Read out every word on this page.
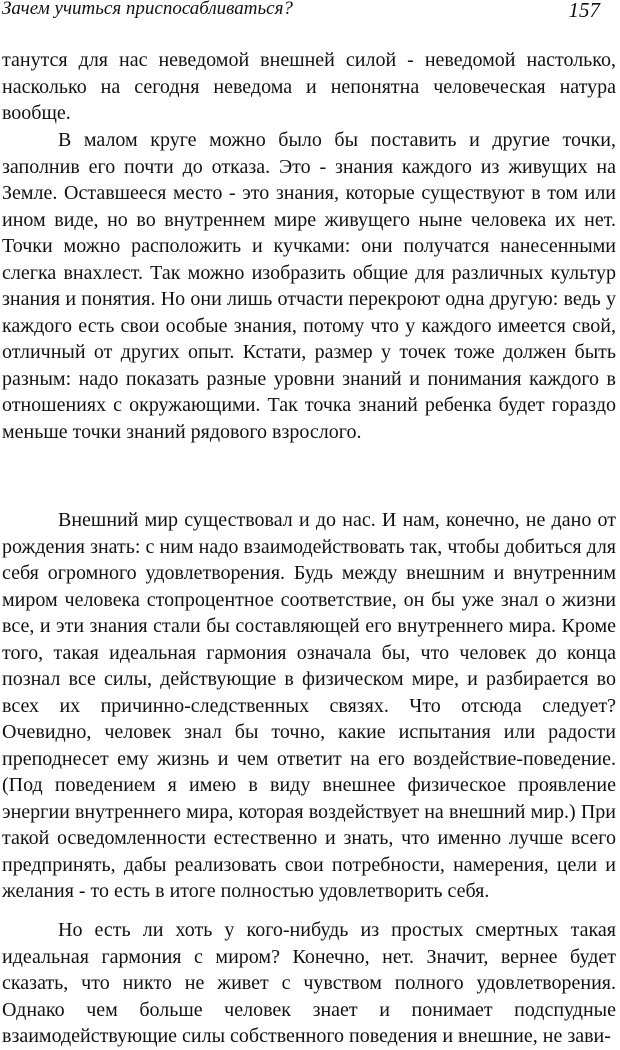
Зачем учиться приспосабливаться?	157

танутся для нас неведомой внешней силой - неведомой настолько, насколько на сегодня неведома и непонятна человеческая натура вообще.

В малом круге можно было бы поставить и другие точки, заполнив его почти до отказа. Это - знания каждого из живущих на Земле. Оставшееся место - это знания, которые существуют в том или ином виде, но во внутреннем мире живущего ныне человека их нет. Точки можно расположить и кучками: они получатся нанесенными слегка внахлест. Так можно изобразить общие для различных культур знания и понятия. Но они лишь отчасти перекроют одна другую: ведь у каждого есть свои особые знания, потому что у каждого имеется свой, отличный от других опыт. Кстати, размер у точек тоже должен быть разным: надо показать разные уровни знаний и понимания каждого в отношениях с окружающими. Так точка знаний ребенка будет гораздо меньше точки знаний рядового взрослого.

Внешний мир существовал и до нас. И нам, конечно, не дано от рождения знать: с ним надо взаимодействовать так, чтобы добиться для себя огромного удовлетворения. Будь между внешним и внутренним миром человека стопроцентное соответствие, он бы уже знал о жизни все, и эти знания стали бы составляющей его внутреннего мира. Кроме того, такая идеальная гармония означала бы, что человек до конца познал все силы, действующие в физическом мире, и разбирается во всех их причинно-следственных связях. Что отсюда следует? Очевидно, человек знал бы точно, какие испытания или радости преподнесет ему жизнь и чем ответит на его воздействие-поведение. (Под поведением я имею в виду внешнее физическое проявление энергии внутреннего мира, которая воздействует на внешний мир.) При такой осведомленности естественно и знать, что именно лучше всего предпринять, дабы реализовать свои потребности, намерения, цели и желания - то есть в итоге полностью удовлетворить себя.

Но есть ли хоть у кого-нибудь из простых смертных такая идеальная гармония с миром? Конечно, нет. Значит, вернее будет сказать, что никто не живет с чувством полного удовлетворения. Однако чем больше человек знает и понимает подспудные взаимодействующие силы собственного поведения и внешние, не зави-
